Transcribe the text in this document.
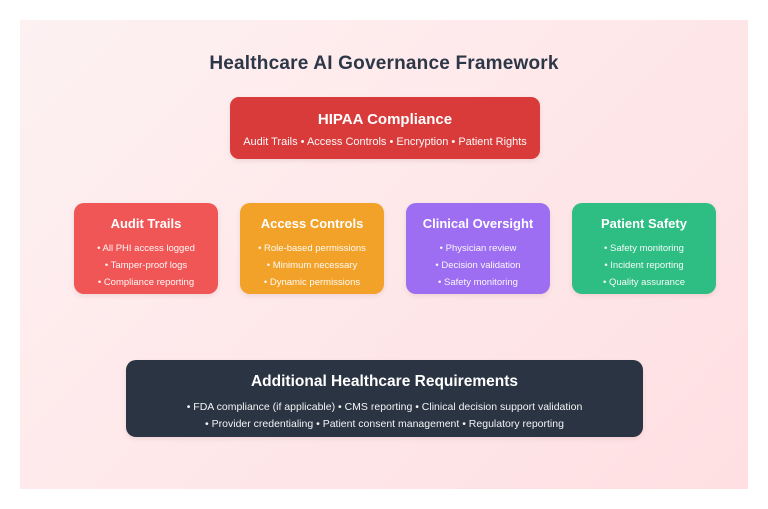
Healthcare AI Governance Framework
HIPAA Compliance
Audit Trails • Access Controls • Encryption • Patient Rights
Audit Trails
• All PHI access logged
• Tamper-proof logs
• Compliance reporting
Access Controls
• Role-based permissions
• Minimum necessary
• Dynamic permissions
Clinical Oversight
• Physician review
• Decision validation
• Safety monitoring
Patient Safety
• Safety monitoring
• Incident reporting
• Quality assurance
Additional Healthcare Requirements
• FDA compliance (if applicable) • CMS reporting • Clinical decision support validation
• Provider credentialing • Patient consent management • Regulatory reporting
